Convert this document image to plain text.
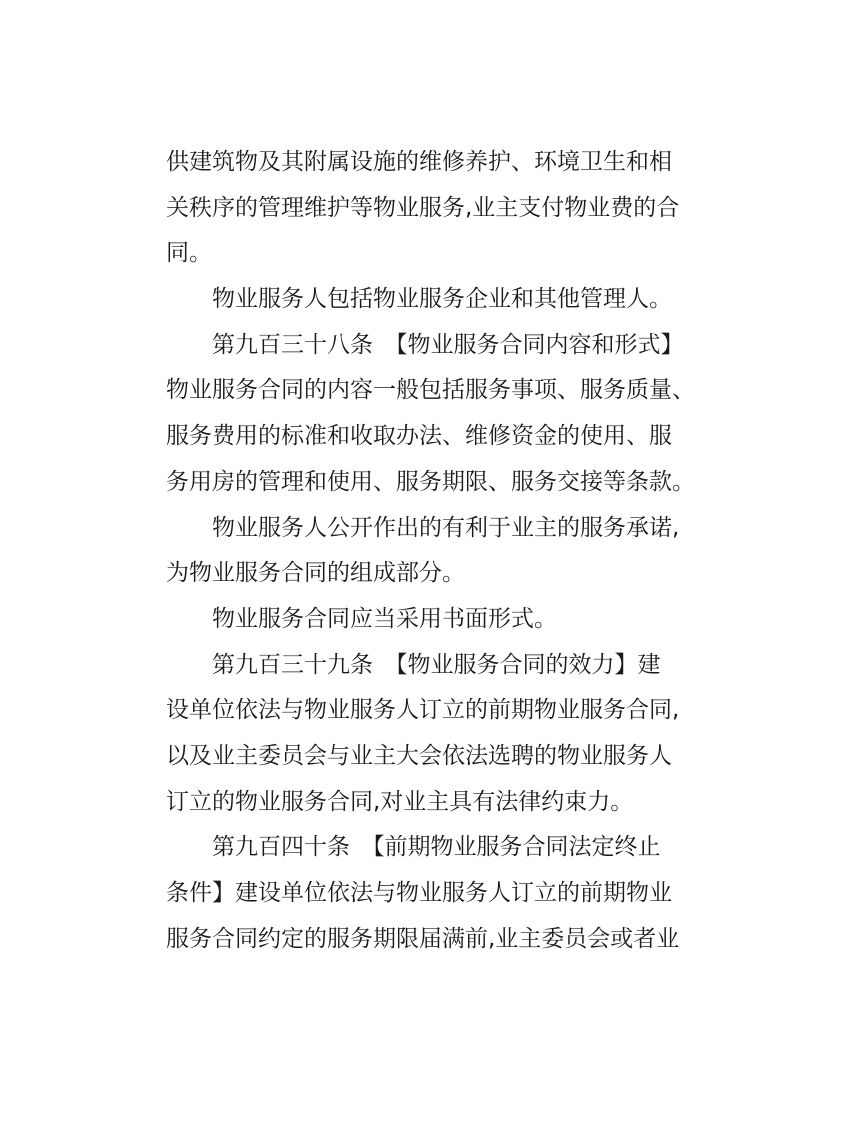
供建筑物及其附属设施的维修养护、环境卫生和相
关秩序的管理维护等物业服务,业主支付物业费的合
同。
物业服务人包括物业服务企业和其他管理人。
第九百三十八条　【物业服务合同内容和形式】
物业服务合同的内容一般包括服务事项、服务质量、
服务费用的标准和收取办法、维修资金的使用、服
务用房的管理和使用、服务期限、服务交接等条款。
物业服务人公开作出的有利于业主的服务承诺,
为物业服务合同的组成部分。
物业服务合同应当采用书面形式。
第九百三十九条　【物业服务合同的效力】建
设单位依法与物业服务人订立的前期物业服务合同,
以及业主委员会与业主大会依法选聘的物业服务人
订立的物业服务合同,对业主具有法律约束力。
第九百四十条　【前期物业服务合同法定终止
条件】建设单位依法与物业服务人订立的前期物业
服务合同约定的服务期限届满前,业主委员会或者业
